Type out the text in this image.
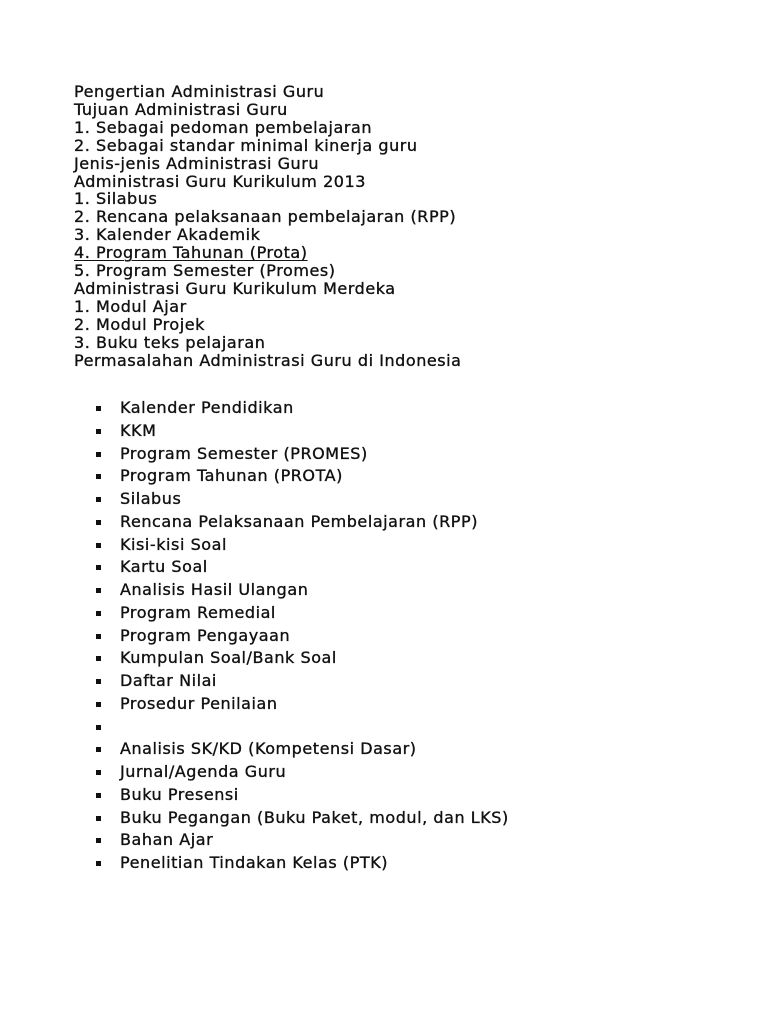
Pengertian Administrasi Guru
Tujuan Administrasi Guru
1. Sebagai pedoman pembelajaran
2. Sebagai standar minimal kinerja guru
Jenis-jenis Administrasi Guru
Administrasi Guru Kurikulum 2013
1. Silabus
2. Rencana pelaksanaan pembelajaran (RPP)
3. Kalender Akademik
4. Program Tahunan (Prota)
5. Program Semester (Promes)
Administrasi Guru Kurikulum Merdeka
1. Modul Ajar
2. Modul Projek
3. Buku teks pelajaran
Permasalahan Administrasi Guru di Indonesia
Kalender Pendidikan
KKM
Program Semester (PROMES)
Program Tahunan (PROTA)
Silabus
Rencana Pelaksanaan Pembelajaran (RPP)
Kisi-kisi Soal
Kartu Soal
Analisis Hasil Ulangan
Program Remedial
Program Pengayaan
Kumpulan Soal/Bank Soal
Daftar Nilai
Prosedur Penilaian
Analisis SK/KD (Kompetensi Dasar)
Jurnal/Agenda Guru
Buku Presensi
Buku Pegangan (Buku Paket, modul, dan LKS)
Bahan Ajar
Penelitian Tindakan Kelas (PTK)
